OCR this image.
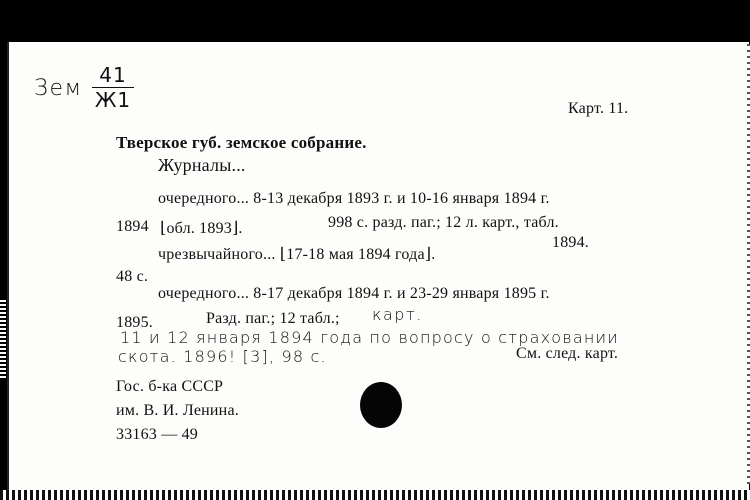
Зем
41
Ж1	Карт. 11.
Тверское губ. земское собрание.
Журналы...
очередного... 8-13 декабря 1893 г. и 10-16 января 1894 г.
1894 ⌊обл. 1893⌋.	998 с. разд. паг.; 12 л. карт., табл.
чрезвычайного... ⌊17-18 мая 1894 года⌋.
1894.
48 с.
очередного... 8-17 декабря 1894 г. и 23-29 января 1895 г.
1895.	Разд. паг.; 12 табл.; карт.
11 и 12 января 1894 года по вопросу о страховании
скота. 1896! [3], 98 с.	См. след. карт.
Гос. б-ка СССР
им. В. И. Ленина.
33163 — 49
